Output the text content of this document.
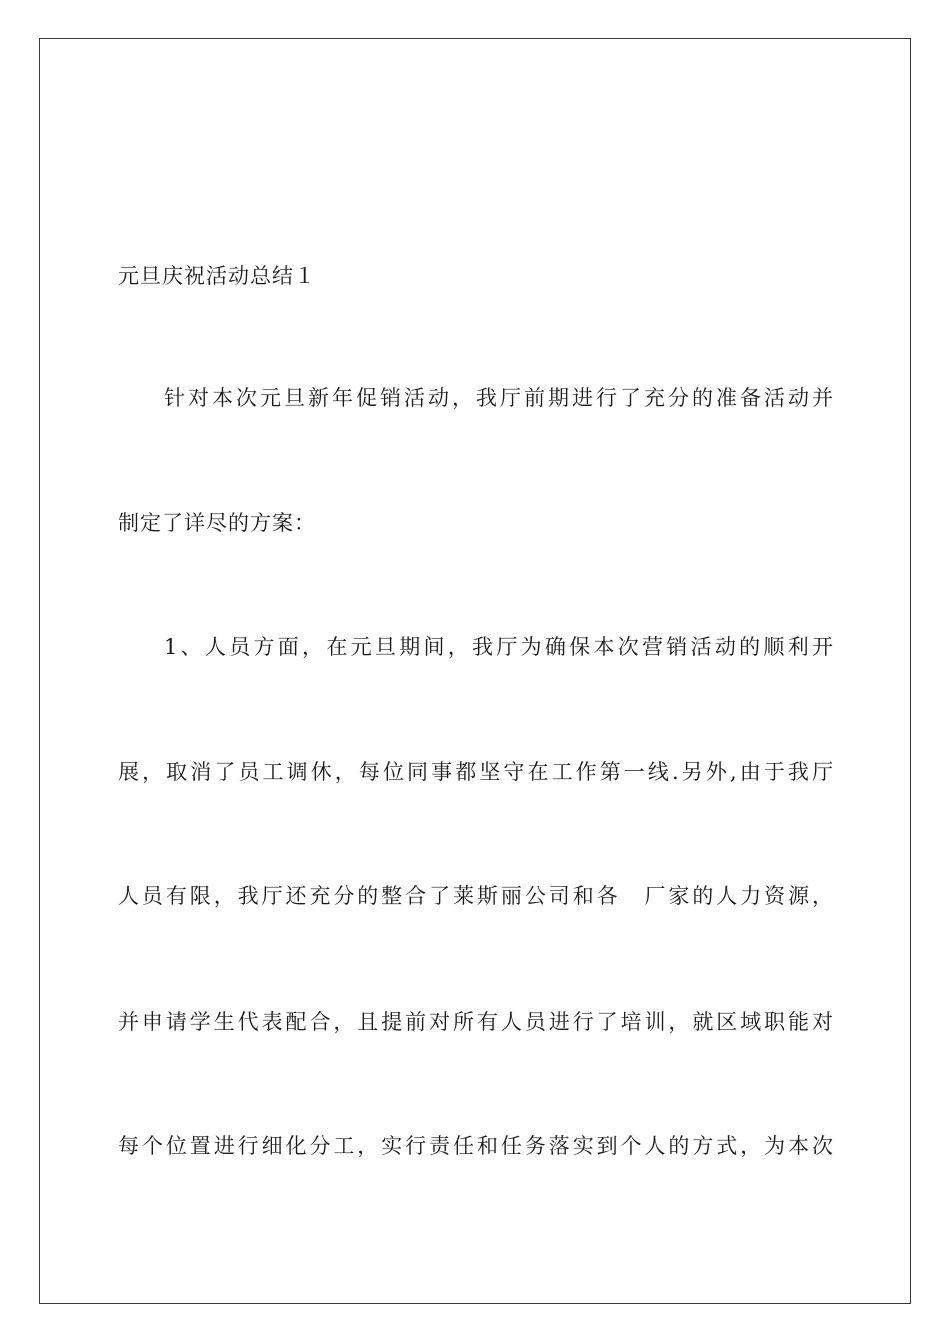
元旦庆祝活动总结１
针对本次元旦新年促销活动，我厅前期进行了充分的准备活动并
制定了详尽的方案：
1、人员方面，在元旦期间，我厅为确保本次营销活动的顺利开
展，取消了员工调休，每位同事都坚守在工作第一线.另外,由于我厅
人员有限，我厅还充分的整合了莱斯丽公司和各　厂家的人力资源，
并申请学生代表配合，且提前对所有人员进行了培训，就区域职能对
每个位置进行细化分工，实行责任和任务落实到个人的方式，为本次
